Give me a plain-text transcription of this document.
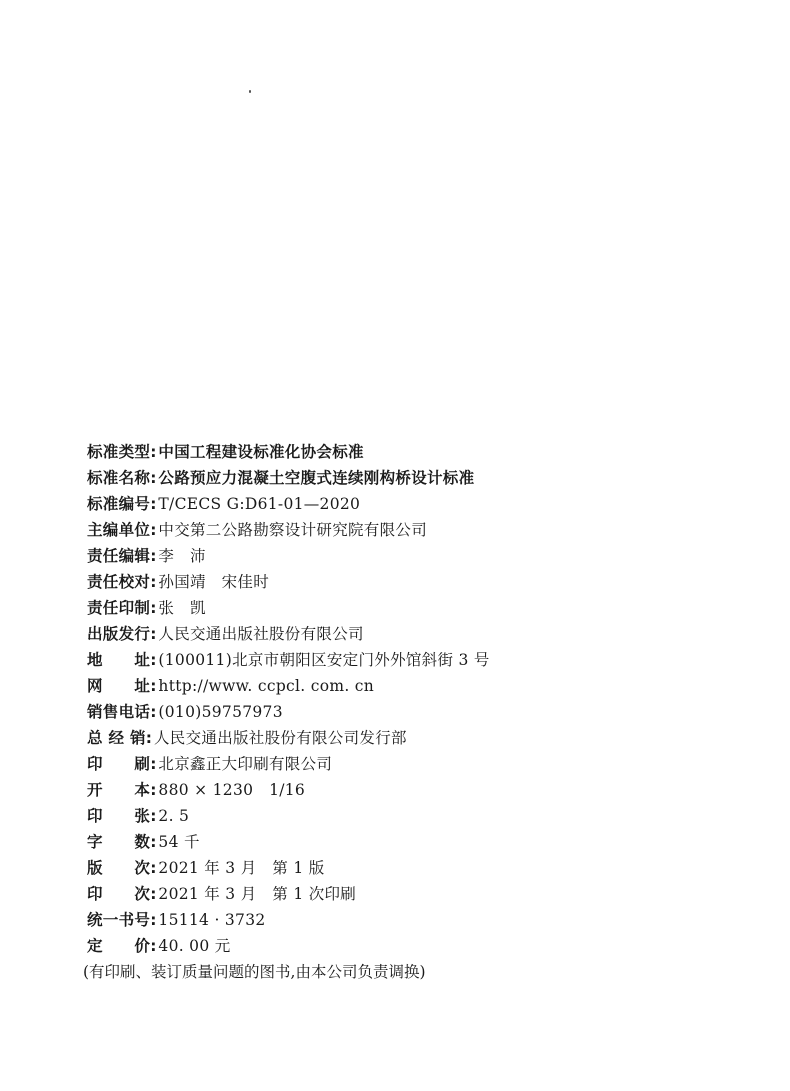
标准类型 : 中国工程建设标准化协会标准
标准名称 : 公路预应力混凝土空腹式连续刚构桥设计标准
标准编号 : T/CECS G:D61-01—2020
主编单位 : 中交第二公路勘察设计研究院有限公司
责任编辑 : 李　沛
责任校对 : 孙国靖　宋佳时
责任印制 : 张　凯
出版发行 : 人民交通出版社股份有限公司
地　　址 : (100011)北京市朝阳区安定门外外馆斜街 3 号
网　　址 : http://www. ccpcl. com. cn
销售电话 : (010)59757973
总 经 销 : 人民交通出版社股份有限公司发行部
印　　刷 : 北京鑫正大印刷有限公司
开　　本 : 880 × 1230　1/16
印　　张 : 2. 5
字　　数 : 54 千
版　　次 : 2021 年 3 月　第 1 版
印　　次 : 2021 年 3 月　第 1 次印刷
统一书号 : 15114 · 3732
定　　价 : 40. 00 元
(有印刷、装订质量问题的图书,由本公司负责调换)
